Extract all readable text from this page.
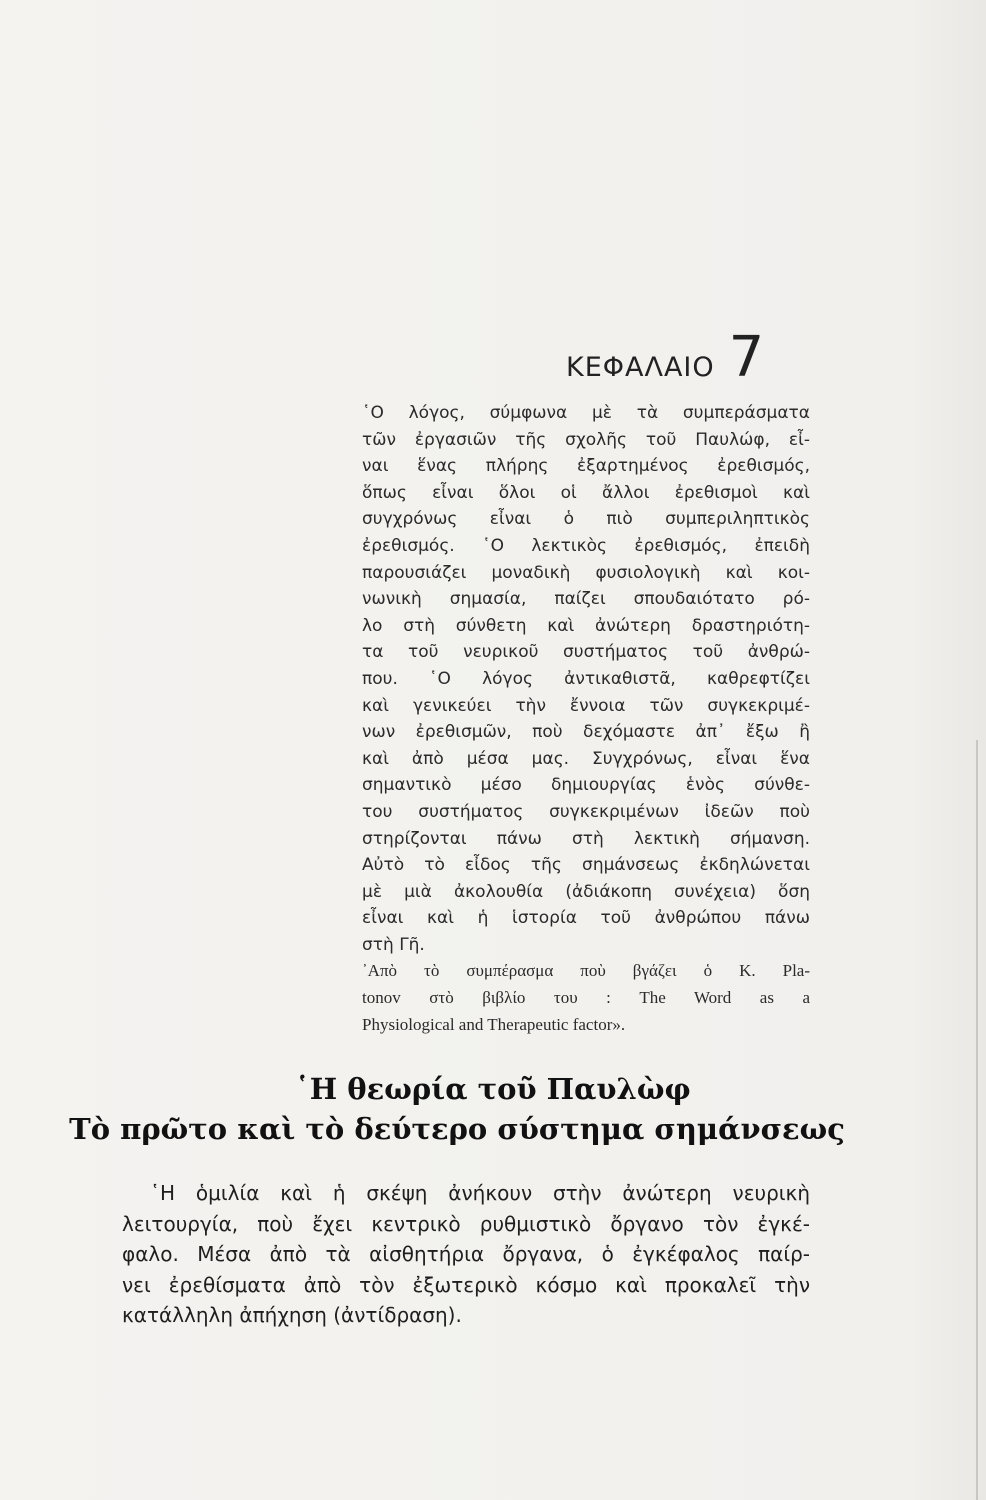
ΚΕΦΑΛΑΙΟ 7

῾Ο λόγος, σύμφωνα μὲ τὰ συμπεράσματα
τῶν ἐργασιῶν τῆς σχολῆς τοῦ Παυλώφ, εἶ-
ναι ἕνας πλήρης ἐξαρτημένος ἐρεθισμός,
ὅπως εἶναι ὅλοι οἱ ἄλλοι ἐρεθισμοὶ καὶ
συγχρόνως εἶναι ὁ πιὸ συμπεριληπτικὸς
ἐρεθισμός. ῾Ο λεκτικὸς ἐρεθισμός, ἐπειδὴ
παρουσιάζει μοναδικὴ φυσιολογικὴ καὶ κοι-
νωνικὴ σημασία, παίζει σπουδαιότατο ρό-
λο στὴ σύνθετη καὶ ἀνώτερη δραστηριότη-
τα τοῦ νευρικοῦ συστήματος τοῦ ἀνθρώ-
που. ῾Ο λόγος ἀντικαθιστᾶ, καθρεφτίζει
καὶ γενικεύει τὴν ἔννοια τῶν συγκεκριμέ-
νων ἐρεθισμῶν, ποὺ δεχόμαστε ἀπ᾽ ἔξω ἢ
καὶ ἀπὸ μέσα μας. Συγχρόνως, εἶναι ἕνα
σημαντικὸ μέσο δημιουργίας ἑνὸς σύνθε-
του συστήματος συγκεκριμένων ἰδεῶν ποὺ
στηρίζονται πάνω στὴ λεκτικὴ σήμανση.
Αὐτὸ τὸ εἶδος τῆς σημάνσεως ἐκδηλώνεται
μὲ μιὰ ἀκολουθία (ἀδιάκοπη συνέχεια) ὅση
εἶναι καὶ ἡ ἱστορία τοῦ ἀνθρώπου πάνω
στὴ Γῆ.

᾽Απὸ τὸ συμπέρασμα ποὺ βγάζει ὁ Κ. Pla-
tonov στὸ βιβλίο του : The Word as a
Physiological and Therapeutic factor».

῾Η θεωρία τοῦ Παυλὼφ
Τὸ πρῶτο καὶ τὸ δεύτερο σύστημα σημάνσεως
῾Η ὁμιλία καὶ ἡ σκέψη ἀνήκουν στὴν ἀνώτερη νευρικὴ
λειτουργία, ποὺ ἔχει κεντρικὸ ρυθμιστικὸ ὄργανο τὸν ἐγκέ-
φαλο. Μέσα ἀπὸ τὰ αἰσθητήρια ὄργανα, ὁ ἐγκέφαλος παίρ-
νει ἐρεθίσματα ἀπὸ τὸν ἐξωτερικὸ κόσμο καὶ προκαλεῖ τὴν
κατάλληλη ἀπήχηση (ἀντίδραση).
